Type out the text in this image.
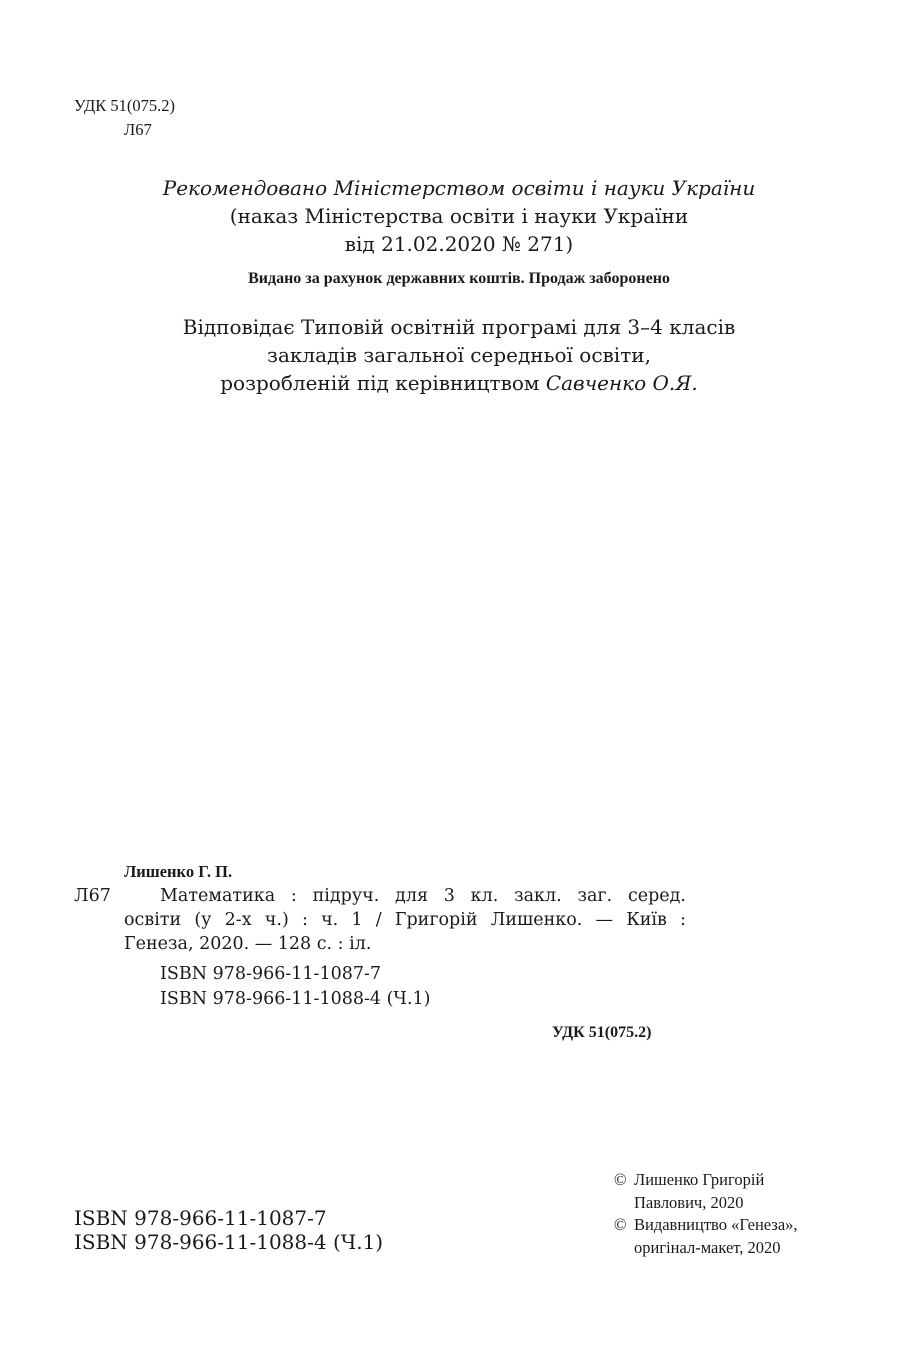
УДК 51(075.2)
Л67
Рекомендовано Міністерством освіти і науки України
(наказ Міністерства освіти і науки України
від 21.02.2020 № 271)
Видано за рахунок державних коштів. Продаж заборонено
Відповідає Типовій освітній програмі для 3–4 класів
закладів загальної середньої освіти,
розробленій під керівництвом Савченко О.Я.
Лишенко Г. П.
Л67	Математика : підруч. для 3 кл. закл. заг. серед.
освіти (у 2-х ч.) : ч. 1 / Григорій Лишенко. — Київ :
Генеза, 2020. — 128 с. : іл.
ISBN 978-966-11-1087-7
ISBN 978-966-11-1088-4 (Ч.1)
УДК 51(075.2)
ISBN 978-966-11-1087-7
ISBN 978-966-11-1088-4 (Ч.1)
© Лишенко Григорій
Павлович, 2020
© Видавництво «Генеза»,
оригінал-макет, 2020
